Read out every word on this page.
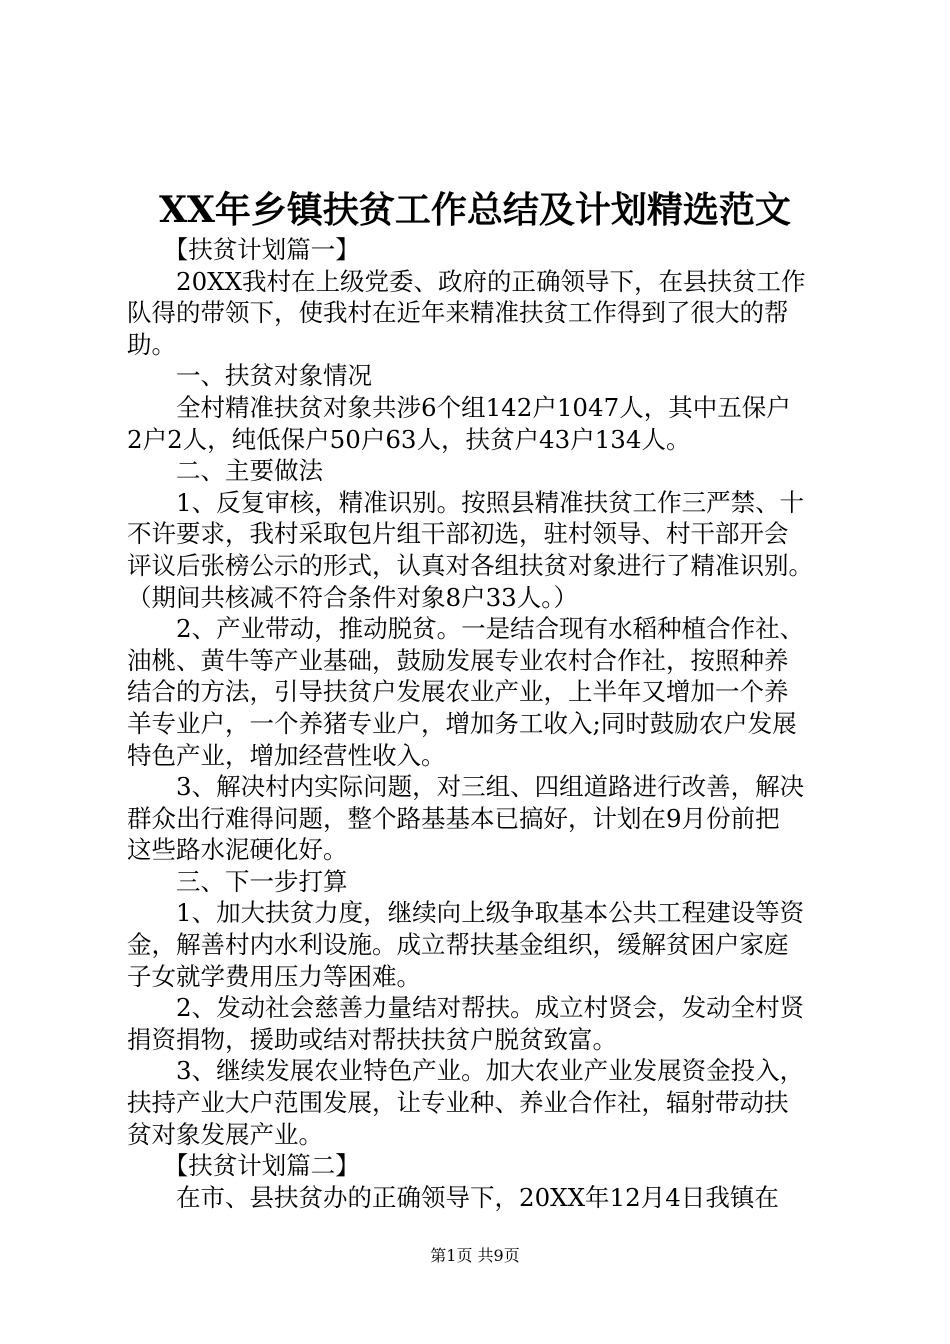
XX年乡镇扶贫工作总结及计划精选范文
　　【扶贫计划篇一】
　　20XX我村在上级党委、政府的正确领导下，在县扶贫工作
队得的带领下，使我村在近年来精准扶贫工作得到了很大的帮
助。
　　一、扶贫对象情况
　　全村精准扶贫对象共涉6个组142户1047人，其中五保户
2户2人，纯低保户50户63人，扶贫户43户134人。
　　二、主要做法
　　1、反复审核，精准识别。按照县精准扶贫工作三严禁、十
不许要求，我村采取包片组干部初选，驻村领导、村干部开会
评议后张榜公示的形式，认真对各组扶贫对象进行了精准识别。
（期间共核减不符合条件对象8户33人。）
　　2、产业带动，推动脱贫。一是结合现有水稻种植合作社、
油桃、黄牛等产业基础，鼓励发展专业农村合作社，按照种养
结合的方法，引导扶贫户发展农业产业，上半年又增加一个养
羊专业户，一个养猪专业户，增加务工收入;同时鼓励农户发展
特色产业，增加经营性收入。
　　3、解决村内实际问题，对三组、四组道路进行改善，解决
群众出行难得问题，整个路基基本已搞好，计划在9月份前把
这些路水泥硬化好。
　　三、下一步打算
　　1、加大扶贫力度，继续向上级争取基本公共工程建设等资
金，解善村内水利设施。成立帮扶基金组织，缓解贫困户家庭
子女就学费用压力等困难。
　　2、发动社会慈善力量结对帮扶。成立村贤会，发动全村贤
捐资捐物，援助或结对帮扶扶贫户脱贫致富。
　　3、继续发展农业特色产业。加大农业产业发展资金投入，
扶持产业大户范围发展，让专业种、养业合作社，辐射带动扶
贫对象发展产业。
　　【扶贫计划篇二】
　　在市、县扶贫办的正确领导下，20XX年12月4日我镇在
第1页 共9页
